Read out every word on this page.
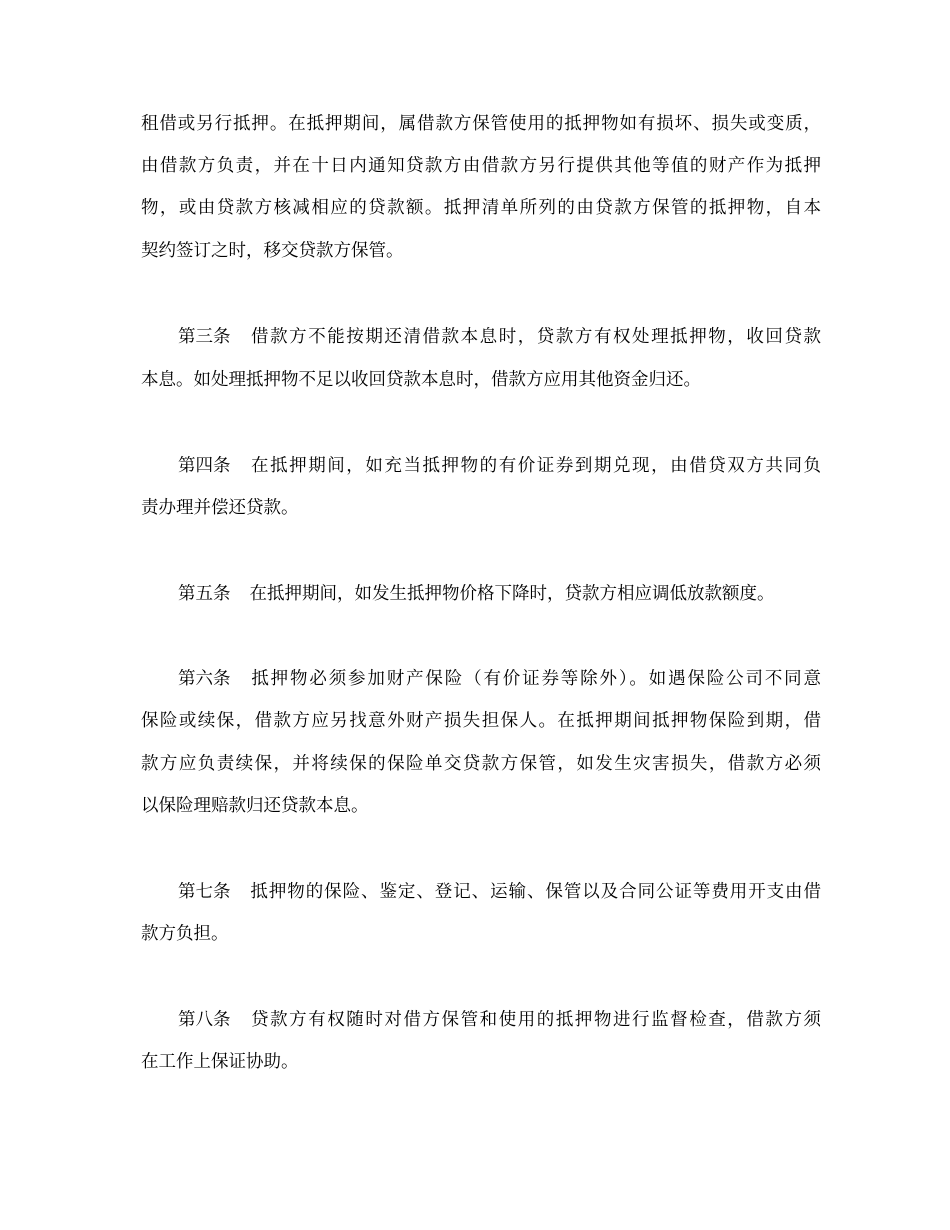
租借或另行抵押。在抵押期间，属借款方保管使用的抵押物如有损坏、损失或变质，
由借款方负责，并在十日内通知贷款方由借款方另行提供其他等值的财产作为抵押
物，或由贷款方核减相应的贷款额。抵押清单所列的由贷款方保管的抵押物，自本
契约签订之时，移交贷款方保管。
第三条 借款方不能按期还清借款本息时，贷款方有权处理抵押物，收回贷款
本息。如处理抵押物不足以收回贷款本息时，借款方应用其他资金归还。
第四条 在抵押期间，如充当抵押物的有价证券到期兑现，由借贷双方共同负
责办理并偿还贷款。
第五条 在抵押期间，如发生抵押物价格下降时，贷款方相应调低放款额度。
第六条 抵押物必须参加财产保险（有价证券等除外）。如遇保险公司不同意
保险或续保，借款方应另找意外财产损失担保人。在抵押期间抵押物保险到期，借
款方应负责续保，并将续保的保险单交贷款方保管，如发生灾害损失，借款方必须
以保险理赔款归还贷款本息。
第七条 抵押物的保险、鉴定、登记、运输、保管以及合同公证等费用开支由借
款方负担。
第八条 贷款方有权随时对借方保管和使用的抵押物进行监督检查，借款方须
在工作上保证协助。
